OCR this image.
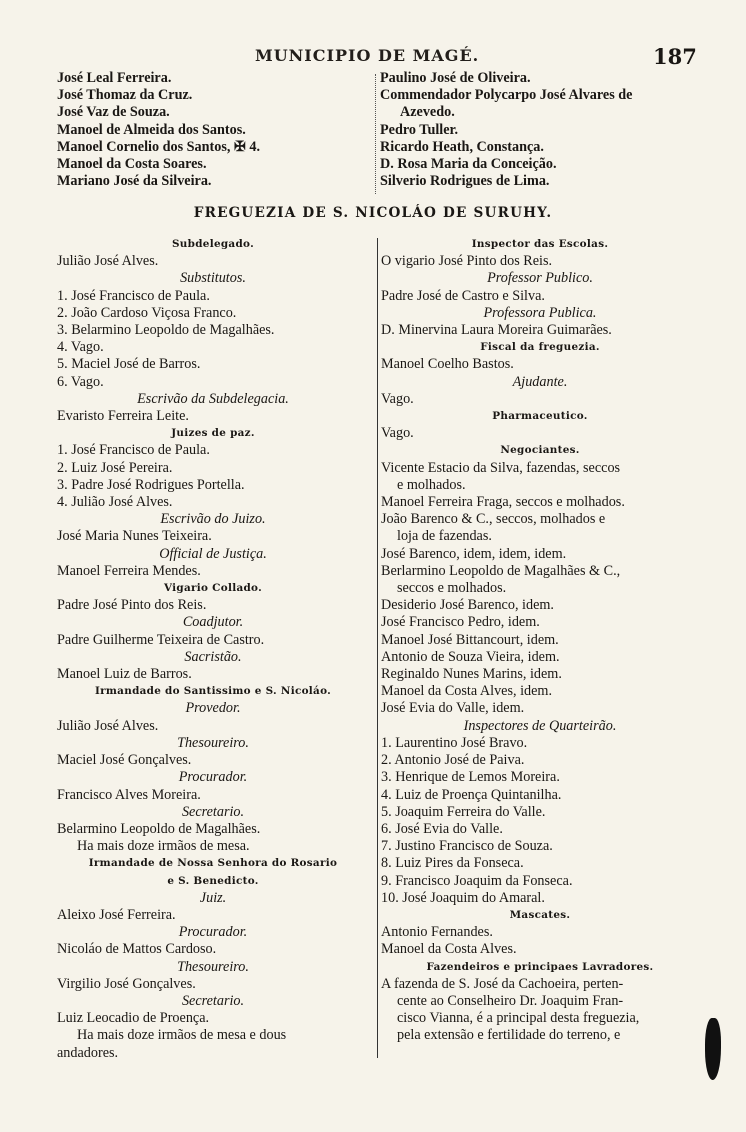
MUNICIPIO DE MAGÉ.	187
José Leal Ferreira.
José Thomaz da Cruz.
José Vaz de Souza.
Manoel de Almeida dos Santos.
Manoel Cornelio dos Santos, ✠ 4.
Manoel da Costa Soares.
Mariano José da Silveira.
Paulino José de Oliveira.
Commendador Polycarpo José Alvares de
Azevedo.
Pedro Tuller.
Ricardo Heath, Constança.
D. Rosa Maria da Conceição.
Silverio Rodrigues de Lima.
FREGUEZIA DE S. NICOLÁO DE SURUHY.
Subdelegado.
Julião José Alves.
Substitutos.
1. José Francisco de Paula.
2. João Cardoso Viçosa Franco.
3. Belarmino Leopoldo de Magalhães.
4. Vago.
5. Maciel José de Barros.
6. Vago.
Escrivão da Subdelegacia.
Evaristo Ferreira Leite.
Juizes de paz.
1. José Francisco de Paula.
2. Luiz José Pereira.
3. Padre José Rodrigues Portella.
4. Julião José Alves.
Escrivão do Juizo.
José Maria Nunes Teixeira.
Official de Justiça.
Manoel Ferreira Mendes.
Vigario Collado.
Padre José Pinto dos Reis.
Coadjutor.
Padre Guilherme Teixeira de Castro.
Sacristão.
Manoel Luiz de Barros.
Irmandade do Santissimo e S. Nicoláo.
Provedor.
Julião José Alves.
Thesoureiro.
Maciel José Gonçalves.
Procurador.
Francisco Alves Moreira.
Secretario.
Belarmino Leopoldo de Magalhães.
Ha mais doze irmãos de mesa.
Irmandade de Nossa Senhora do Rosario
e S. Benedicto.
Juiz.
Aleixo José Ferreira.
Procurador.
Nicoláo de Mattos Cardoso.
Thesoureiro.
Virgilio José Gonçalves.
Secretario.
Luiz Leocadio de Proença.
Ha mais doze irmãos de mesa e dous
andadores.
Inspector das Escolas.
O vigario José Pinto dos Reis.
Professor Publico.
Padre José de Castro e Silva.
Professora Publica.
D. Minervina Laura Moreira Guimarães.
Fiscal da freguezia.
Manoel Coelho Bastos.
Ajudante.
Vago.
Pharmaceutico.
Vago.
Negociantes.
Vicente Estacio da Silva, fazendas, seccos
e molhados.
Manoel Ferreira Fraga, seccos e molhados.
João Barenco & C., seccos, molhados e
loja de fazendas.
José Barenco, idem, idem, idem.
Berlarmino Leopoldo de Magalhães & C.,
seccos e molhados.
Desiderio José Barenco, idem.
José Francisco Pedro, idem.
Manoel José Bittancourt, idem.
Antonio de Souza Vieira, idem.
Reginaldo Nunes Marins, idem.
Manoel da Costa Alves, idem.
José Evia do Valle, idem.
Inspectores de Quarteirão.
1. Laurentino José Bravo.
2. Antonio José de Paiva.
3. Henrique de Lemos Moreira.
4. Luiz de Proença Quintanilha.
5. Joaquim Ferreira do Valle.
6. José Evia do Valle.
7. Justino Francisco de Souza.
8. Luiz Pires da Fonseca.
9. Francisco Joaquim da Fonseca.
10. José Joaquim do Amaral.
Mascates.
Antonio Fernandes.
Manoel da Costa Alves.
Fazendeiros e principaes Lavradores.
A fazenda de S. José da Cachoeira, perten-
cente ao Conselheiro Dr. Joaquim Fran-
cisco Vianna, é a principal desta freguezia,
pela extensão e fertilidade do terreno, e
